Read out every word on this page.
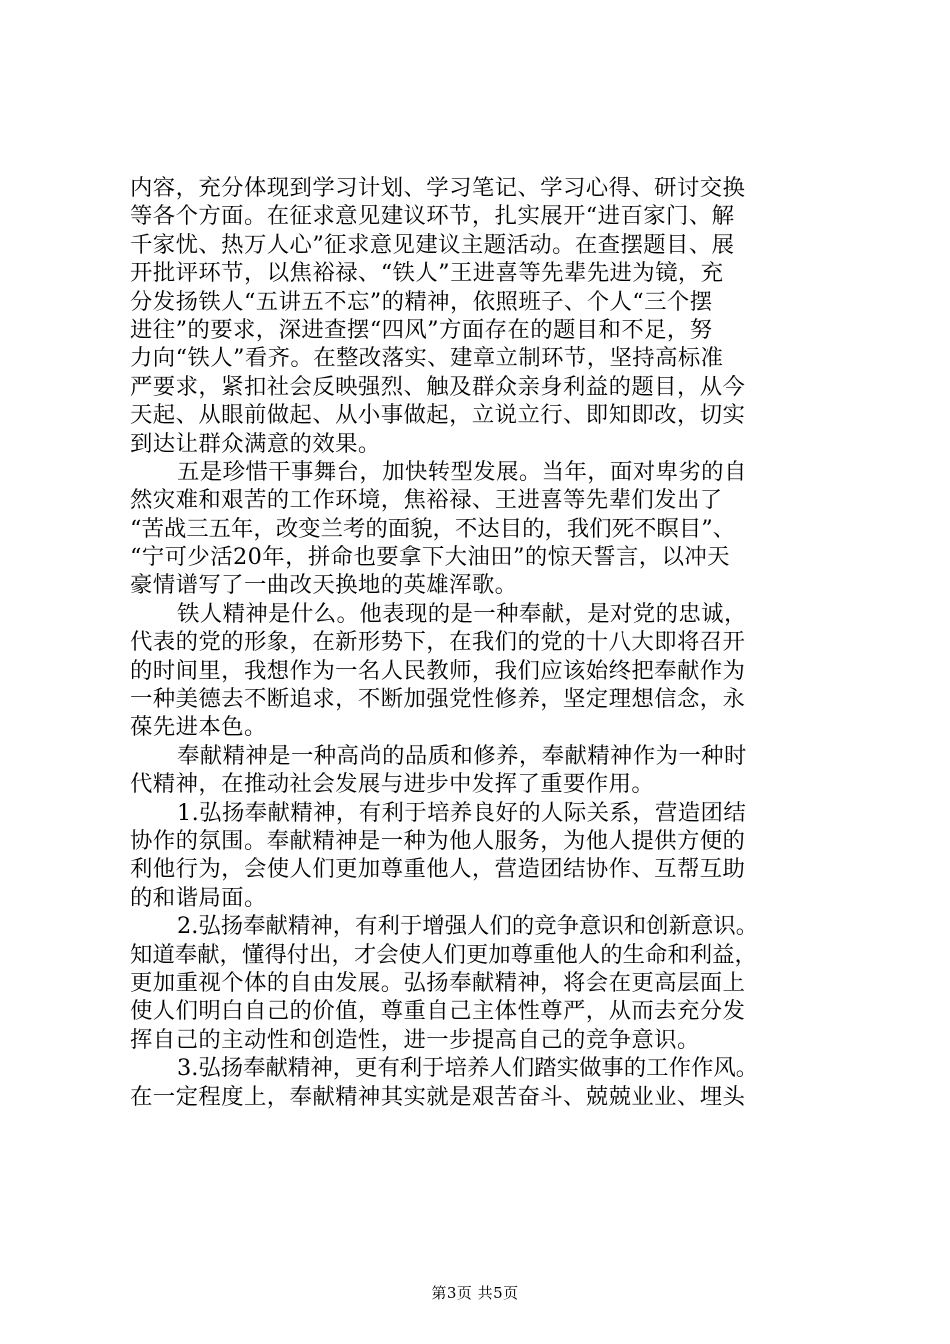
内容，充分体现到学习计划、学习笔记、学习心得、研讨交换
等各个方面。在征求意见建议环节，扎实展开“进百家门、解
千家忧、热万人心”征求意见建议主题活动。在查摆题目、展
开批评环节，以焦裕禄、“铁人”王进喜等先辈先进为镜，充
分发扬铁人“五讲五不忘”的精神，依照班子、个人“三个摆
进往”的要求，深进查摆“四风”方面存在的题目和不足，努
力向“铁人”看齐。在整改落实、建章立制环节，坚持高标准
严要求，紧扣社会反映强烈、触及群众亲身利益的题目，从今
天起、从眼前做起、从小事做起，立说立行、即知即改，切实
到达让群众满意的效果。
五是珍惜干事舞台，加快转型发展。当年，面对卑劣的自
然灾难和艰苦的工作环境，焦裕禄、王进喜等先辈们发出了
“苦战三五年，改变兰考的面貌，不达目的，我们死不瞑目”、
“宁可少活20年，拼命也要拿下大油田”的惊天誓言，以冲天
豪情谱写了一曲改天换地的英雄浑歌。
铁人精神是什么。他表现的是一种奉献，是对党的忠诚，
代表的党的形象，在新形势下，在我们的党的十八大即将召开
的时间里，我想作为一名人民教师，我们应该始终把奉献作为
一种美德去不断追求，不断加强党性修养，坚定理想信念，永
葆先进本色。
奉献精神是一种高尚的品质和修养，奉献精神作为一种时
代精神，在推动社会发展与进步中发挥了重要作用。
1.弘扬奉献精神，有利于培养良好的人际关系，营造团结
协作的氛围。奉献精神是一种为他人服务，为他人提供方便的
利他行为，会使人们更加尊重他人，营造团结协作、互帮互助
的和谐局面。
2.弘扬奉献精神，有利于增强人们的竞争意识和创新意识。
知道奉献，懂得付出，才会使人们更加尊重他人的生命和利益，
更加重视个体的自由发展。弘扬奉献精神，将会在更高层面上
使人们明白自己的价值，尊重自己主体性尊严，从而去充分发
挥自己的主动性和创造性，进一步提高自己的竞争意识。
3.弘扬奉献精神，更有利于培养人们踏实做事的工作作风。
在一定程度上，奉献精神其实就是艰苦奋斗、兢兢业业、埋头
第3页 共5页
